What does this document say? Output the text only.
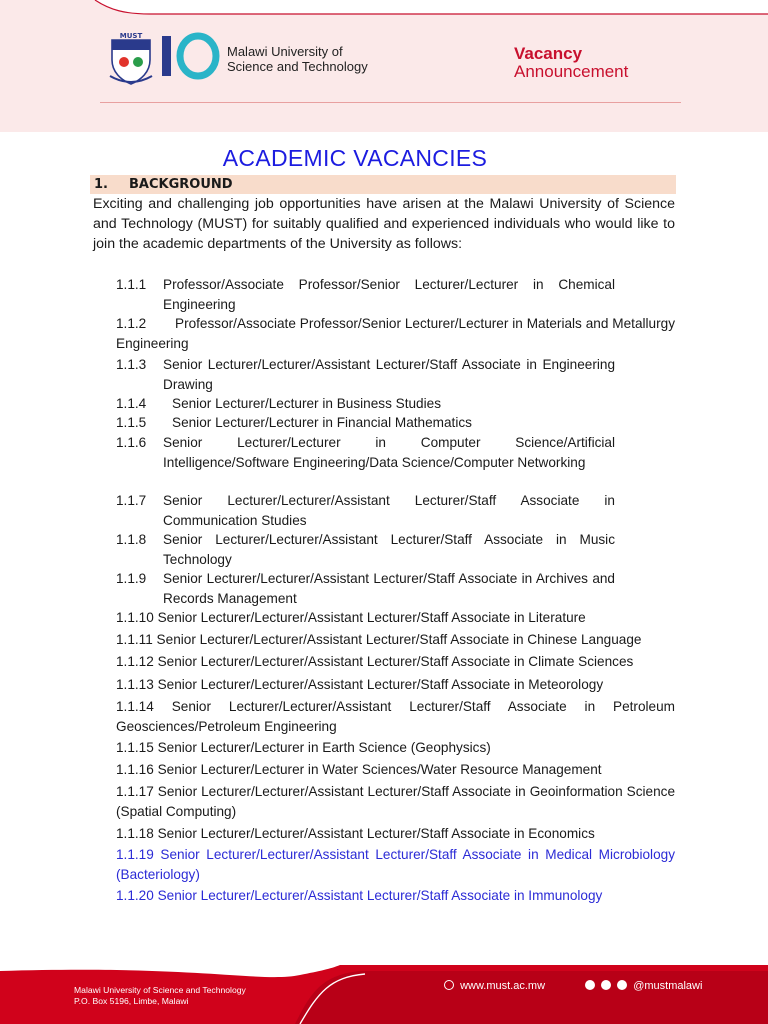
MUST
Malawi University of
Science and Technology
Vacancy
Announcement
ACADEMIC VACANCIES
1. BACKGROUND
Exciting and challenging job opportunities have arisen at the Malawi University of Science and Technology (MUST) for suitably qualified and experienced individuals who would like to join the academic departments of the University as follows:
1.1.1 Professor/Associate Professor/Senior Lecturer/Lecturer in Chemical Engineering
1.1.2	Professor/Associate Professor/Senior Lecturer/Lecturer in Materials and Metallurgy Engineering
1.1.3 Senior Lecturer/Lecturer/Assistant Lecturer/Staff Associate in Engineering Drawing
1.1.4 Senior Lecturer/Lecturer in Business Studies
1.1.5 Senior Lecturer/Lecturer in Financial Mathematics
1.1.6 Senior Lecturer/Lecturer in Computer Science/Artificial Intelligence/Software Engineering/Data Science/Computer Networking
1.1.7 Senior Lecturer/Lecturer/Assistant Lecturer/Staff Associate in Communication Studies
1.1.8 Senior Lecturer/Lecturer/Assistant Lecturer/Staff Associate in Music Technology
1.1.9 Senior Lecturer/Lecturer/Assistant Lecturer/Staff Associate in Archives and Records Management
1.1.10 Senior Lecturer/Lecturer/Assistant Lecturer/Staff Associate in Literature
1.1.11 Senior Lecturer/Lecturer/Assistant Lecturer/Staff Associate in Chinese Language
1.1.12 Senior Lecturer/Lecturer/Assistant Lecturer/Staff Associate in Climate Sciences
1.1.13 Senior Lecturer/Lecturer/Assistant Lecturer/Staff Associate in Meteorology
1.1.14 Senior Lecturer/Lecturer/Assistant Lecturer/Staff Associate in Petroleum Geosciences/Petroleum Engineering
1.1.15 Senior Lecturer/Lecturer in Earth Science (Geophysics)
1.1.16 Senior Lecturer/Lecturer in Water Sciences/Water Resource Management
1.1.17 Senior Lecturer/Lecturer/Assistant Lecturer/Staff Associate in Geoinformation Science (Spatial Computing)
1.1.18 Senior Lecturer/Lecturer/Assistant Lecturer/Staff Associate in Economics
1.1.19 Senior Lecturer/Lecturer/Assistant Lecturer/Staff Associate in Medical Microbiology (Bacteriology)
1.1.20 Senior Lecturer/Lecturer/Assistant Lecturer/Staff Associate in Immunology
Malawi University of Science and Technology
P.O. Box 5196, Limbe, Malawi
www.must.ac.mw	@mustmalawi
